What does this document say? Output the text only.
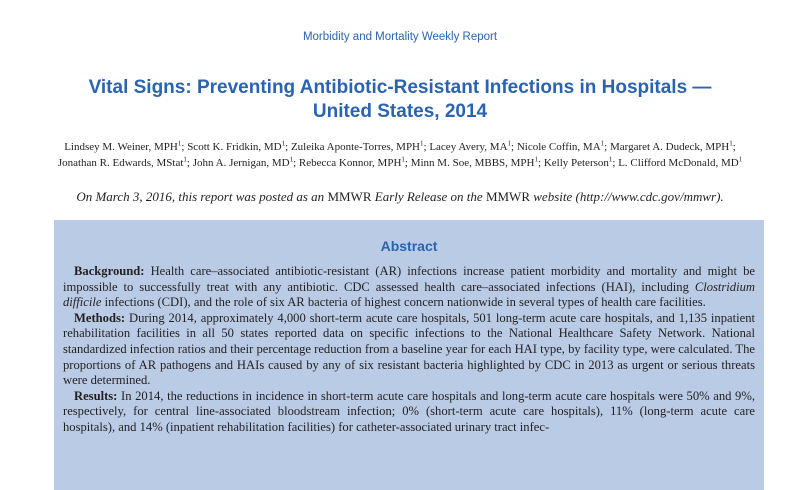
Morbidity and Mortality Weekly Report
Vital Signs: Preventing Antibiotic-Resistant Infections in Hospitals —
United States, 2014
Lindsey M. Weiner, MPH$^1$; Scott K. Fridkin, $MD^1$; Zuleika Aponte-Torres, MPH$^1$; Lacey Avery, $MA^1$; Nicole Coffin, $MA^1$; Margaret A. Dudeck, MPH$^1$;
Jonathan R. Edwards, MStat$^1$; John A. Jernigan, $MD^1$; Rebecca Konnor, MPH$^1$; Minn M. Soe, MBBS, MPH$^1$; Kelly Peterson$^1$; L. Clifford McDonald, $MD^1$
On March 3, 2016, this report was posted as an MMWR Early Release on the MMWR website (http://www.cdc.gov/mmwr).
Abstract

Background: Health care–associated antibiotic-resistant (AR) infections increase patient morbidity and mortality and might be impossible to successfully treat with any antibiotic. CDC assessed health care–associated infections (HAI), including Clostridium difficile infections (CDI), and the role of six AR bacteria of highest concern nationwide in several types of health care facilities.

Methods: During 2014, approximately 4,000 short-term acute care hospitals, 501 long-term acute care hospitals, and 1,135 inpatient rehabilitation facilities in all 50 states reported data on specific infections to the National Healthcare Safety Network. National standardized infection ratios and their percentage reduction from a baseline year for each HAI type, by facility type, were calculated. The proportions of AR pathogens and HAIs caused by any of six resistant bacteria highlighted by CDC in 2013 as urgent or serious threats were determined.

Results: In 2014, the reductions in incidence in short-term acute care hospitals and long-term acute care hospitals were 50% and 9%, respectively, for central line-associated bloodstream infection; 0% (short-term acute care hospitals), 11% (long-term acute care hospitals), and 14% (inpatient rehabilitation facilities) for catheter-associated urinary tract infec-
